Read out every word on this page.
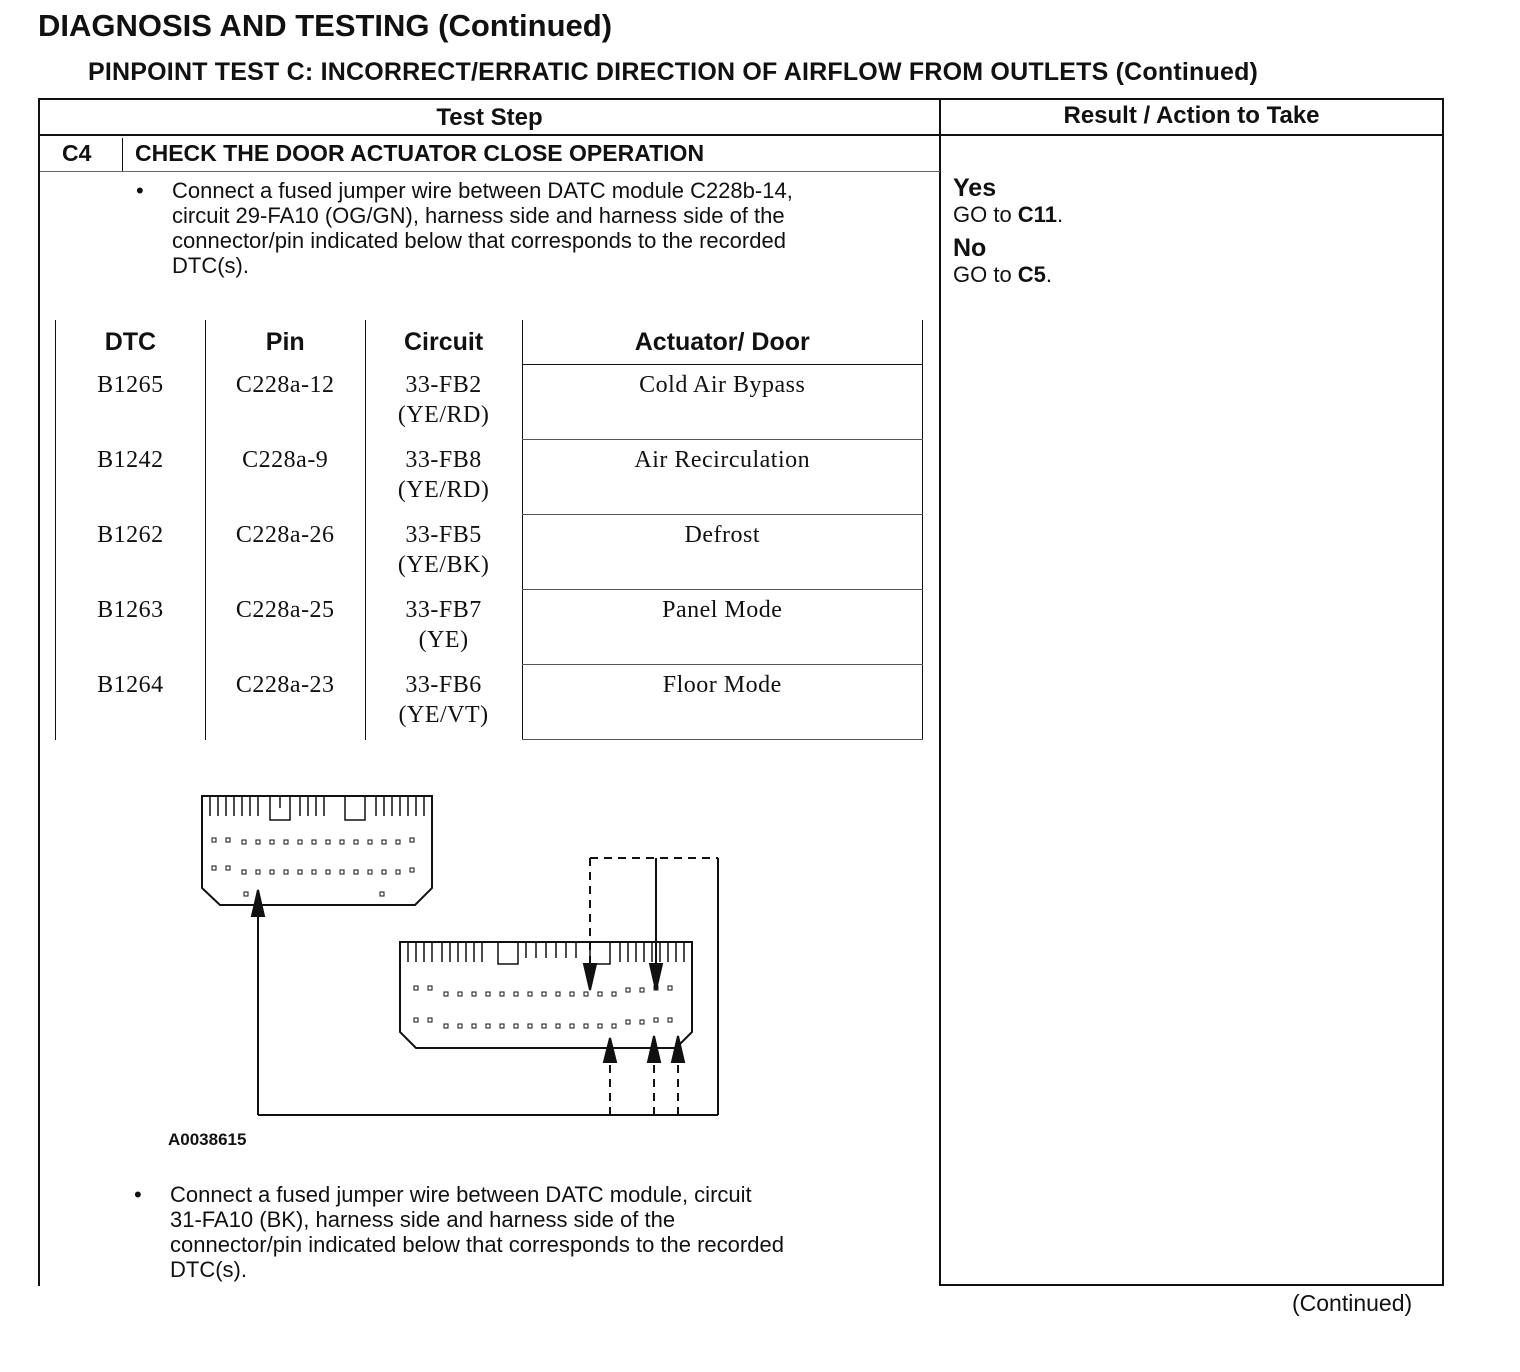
DIAGNOSIS AND TESTING (Continued)
PINPOINT TEST C: INCORRECT/ERRATIC DIRECTION OF AIRFLOW FROM OUTLETS (Continued)
Test Step	Result / Action to Take
C4 CHECK THE DOOR ACTUATOR CLOSE OPERATION
• Connect a fused jumper wire between DATC module C228b-14,
circuit 29-FA10 (OG/GN), harness side and harness side of the
connector/pin indicated below that corresponds to the recorded
DTC(s).
Yes
GO to C11.
No
GO to C5.
DTC	Pin	Circuit	Actuator/ Door

B1265	C228a-12	33-FB2
(YE/RD)	Cold Air Bypass

B1242	C228a-9	33-FB8
(YE/RD)	Air Recirculation

B1262	C228a-26	33-FB5
(YE/BK)	Defrost

B1263	C228a-25	33-FB7
(YE)	Panel Mode

B1264	C228a-23	33-FB6
(YE/VT)	Floor Mode
A0038615
• Connect a fused jumper wire between DATC module, circuit
31-FA10 (BK), harness side and harness side of the
connector/pin indicated below that corresponds to the recorded
DTC(s).
(Continued)
